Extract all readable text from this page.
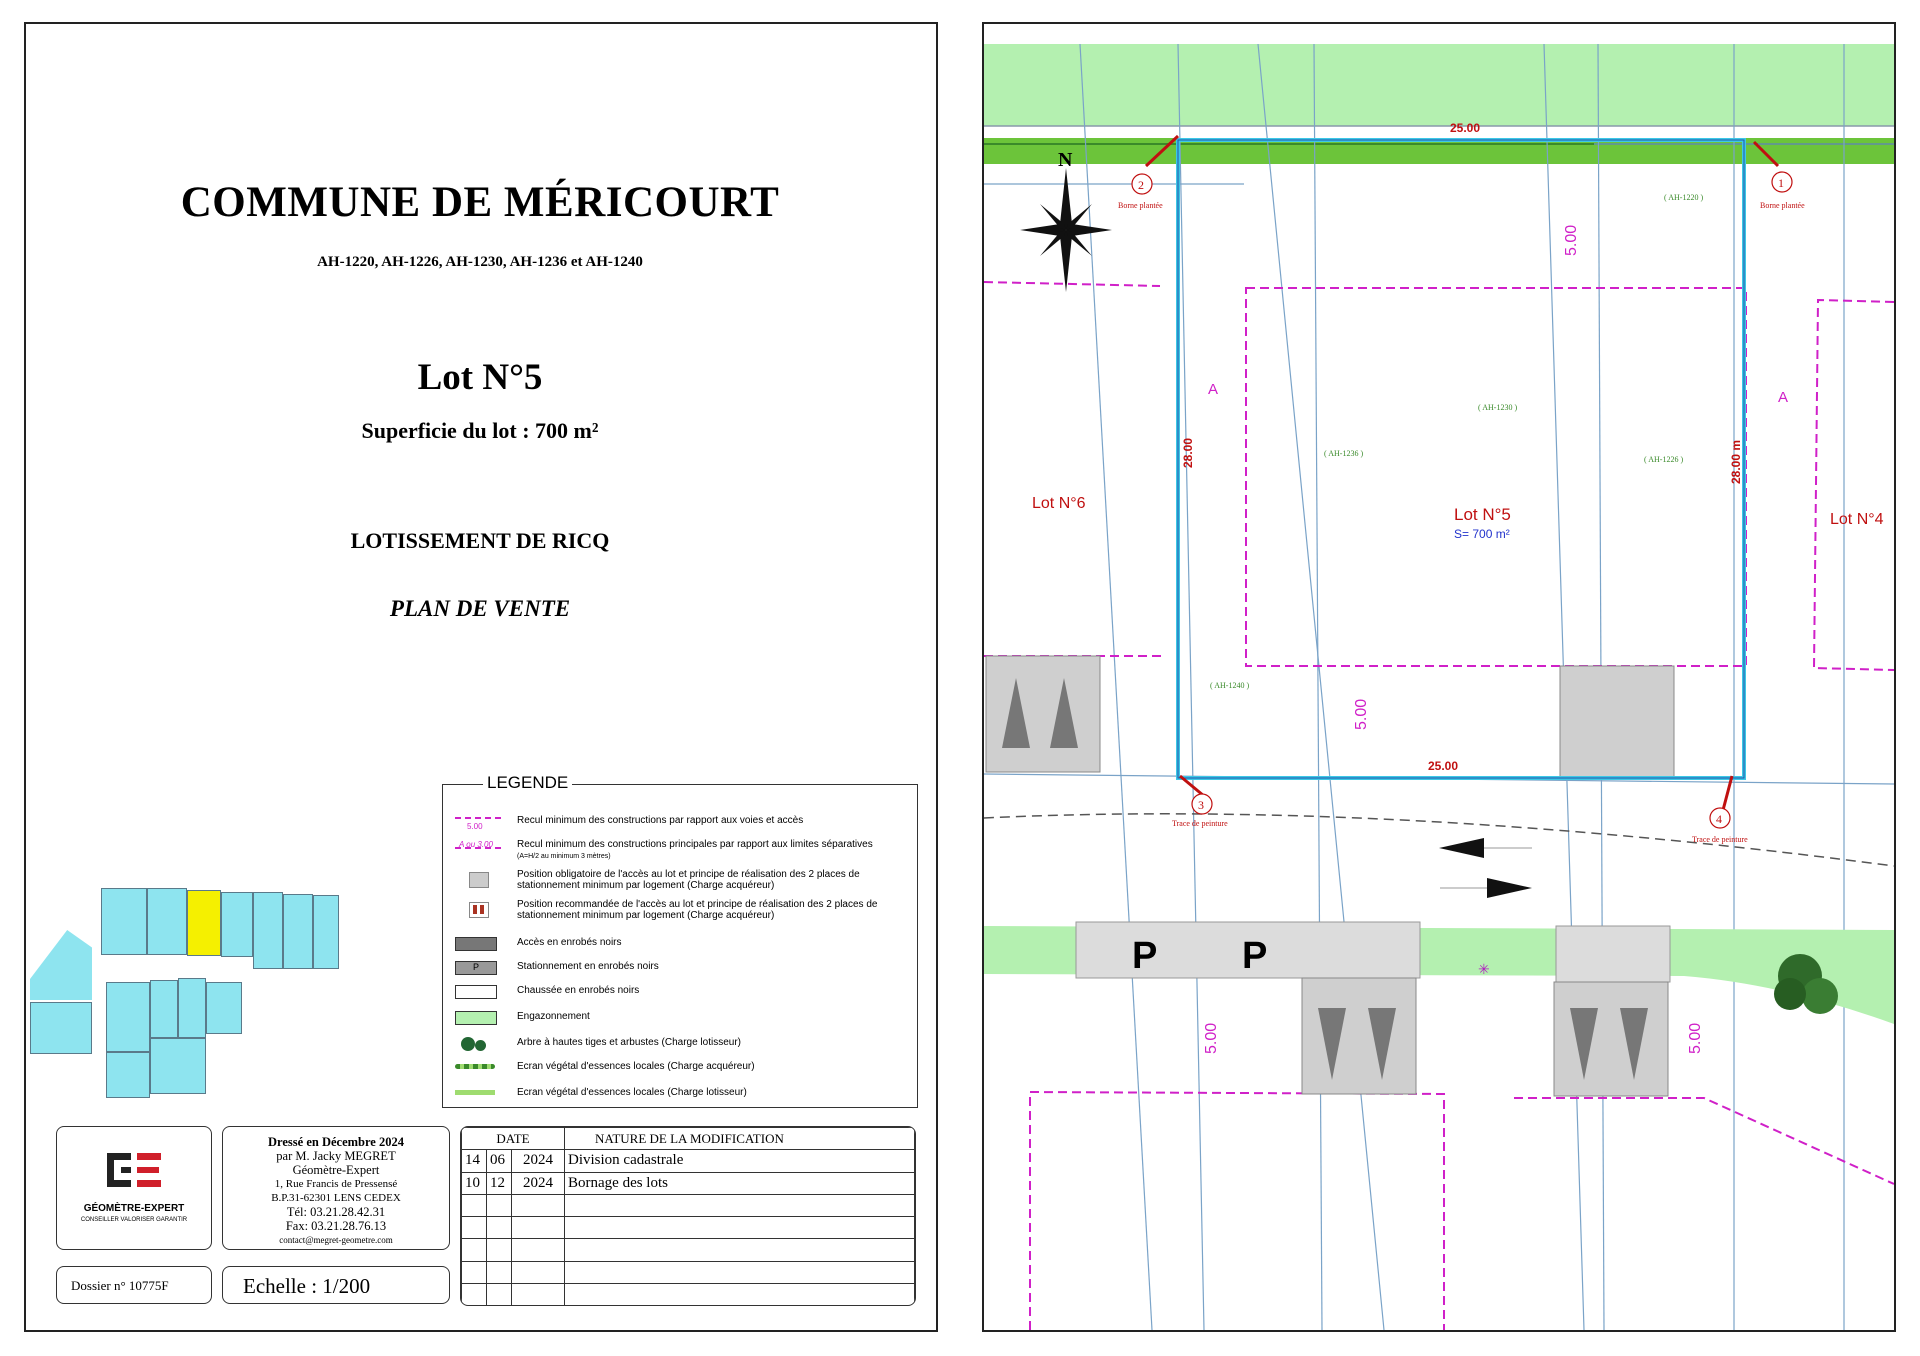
COMMUNE DE MÉRICOURT
AH-1220, AH-1226, AH-1230, AH-1236 et AH-1240
Lot N°5
Superficie du lot : 700 m²
LOTISSEMENT DE RICQ
PLAN DE VENTE
LEGENDE
5.00
Recul minimum des constructions par rapport aux voies et accès
A ou 3.00 Recul minimum des constructions principales par rapport aux limites séparatives
(A=H/2 au minimum 3 mètres)
Position obligatoire de l'accès au lot et principe de réalisation des 2 places de stationnement minimum par logement (Charge acquéreur)
Position recommandée de l'accès au lot et principe de réalisation des 2 places de stationnement minimum par logement (Charge acquéreur)
Accès en enrobés noirs
P	Stationnement en enrobés noirs
Chaussée en enrobés noirs
Engazonnement
Arbre à hautes tiges et arbustes (Charge lotisseur)
Ecran végétal d'essences locales (Charge acquéreur)
Ecran végétal d'essences locales (Charge lotisseur)
GÉOMÈTRE-EXPERT
CONSEILLER VALORISER GARANTIR
Dressé en Décembre 2024
par M. Jacky MEGRET
Géomètre-Expert
1, Rue Francis de Pressensé
B.P.31-62301 LENS CEDEX
Tél: 03.21.28.42.31
Fax: 03.21.28.76.13
contact@megret-geometre.com
Dossier n° 10775F	Echelle : 1/200
DATE			NATURE DE LA MODIFICATION
14	06	2024	Division cadastrale
10	12	2024	Bornage des lots

P P
N
2
Borne plantée
1
Borne plantée
3
Trace de peinture	4
Trace de peinture
25.00
25.00
28.00	28.00 m
5.00
5.00
5.00	5.00
A	A
( AH-1220 )
( AH-1230 )
( AH-1236 )
( AH-1226 )
( AH-1240 )
Lot N°6
Lot N°5
S= 700 m²
Lot N°4
✳
